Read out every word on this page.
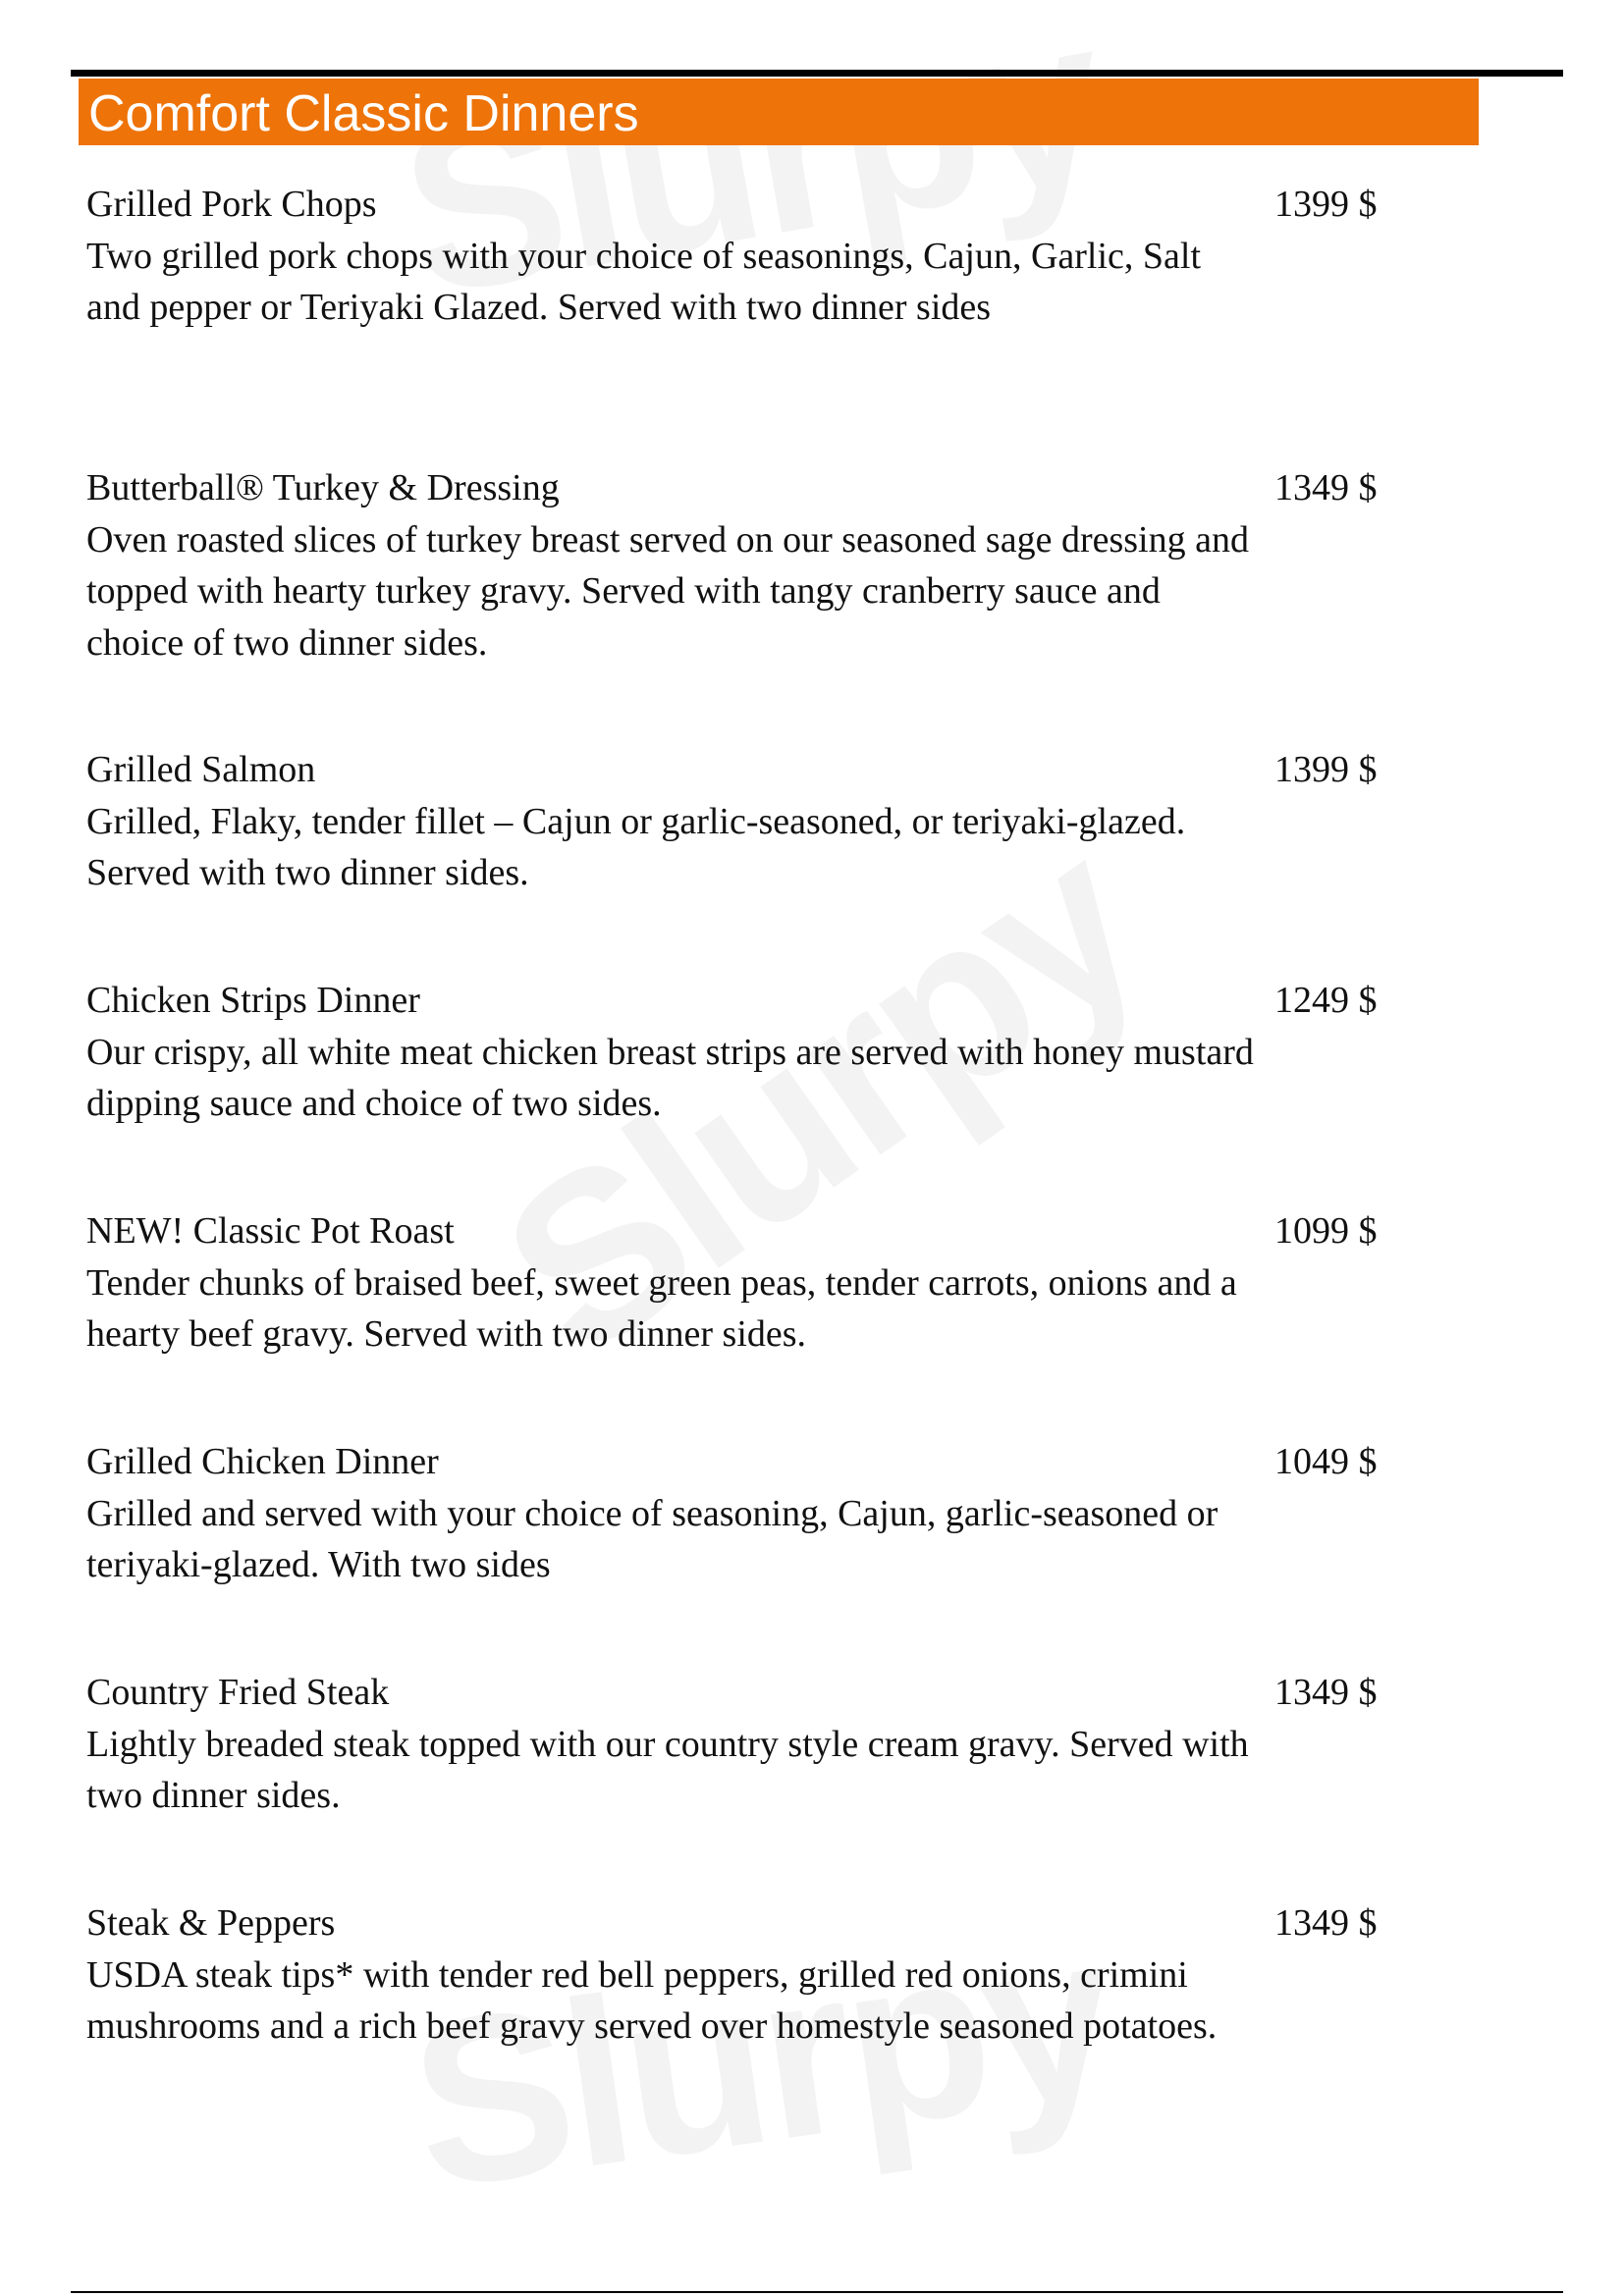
Comfort Classic Dinners
Grilled Pork Chops	1399 $
Two grilled pork chops with your choice of seasonings, Cajun, Garlic, Salt and pepper or Teriyaki Glazed. Served with two dinner sides
Butterball® Turkey & Dressing	1349 $
Oven roasted slices of turkey breast served on our seasoned sage dressing and topped with hearty turkey gravy. Served with tangy cranberry sauce and choice of two dinner sides.
Grilled Salmon	1399 $
Grilled, Flaky, tender fillet – Cajun or garlic-seasoned, or teriyaki-glazed. Served with two dinner sides.
Chicken Strips Dinner	1249 $
Our crispy, all white meat chicken breast strips are served with honey mustard dipping sauce and choice of two sides.
NEW! Classic Pot Roast	1099 $
Tender chunks of braised beef, sweet green peas, tender carrots, onions and a hearty beef gravy. Served with two dinner sides.
Grilled Chicken Dinner	1049 $
Grilled and served with your choice of seasoning, Cajun, garlic-seasoned or teriyaki-glazed. With two sides
Country Fried Steak	1349 $
Lightly breaded steak topped with our country style cream gravy. Served with two dinner sides.
Steak & Peppers	1349 $
USDA steak tips* with tender red bell peppers, grilled red onions, crimini mushrooms and a rich beef gravy served over homestyle seasoned potatoes.
